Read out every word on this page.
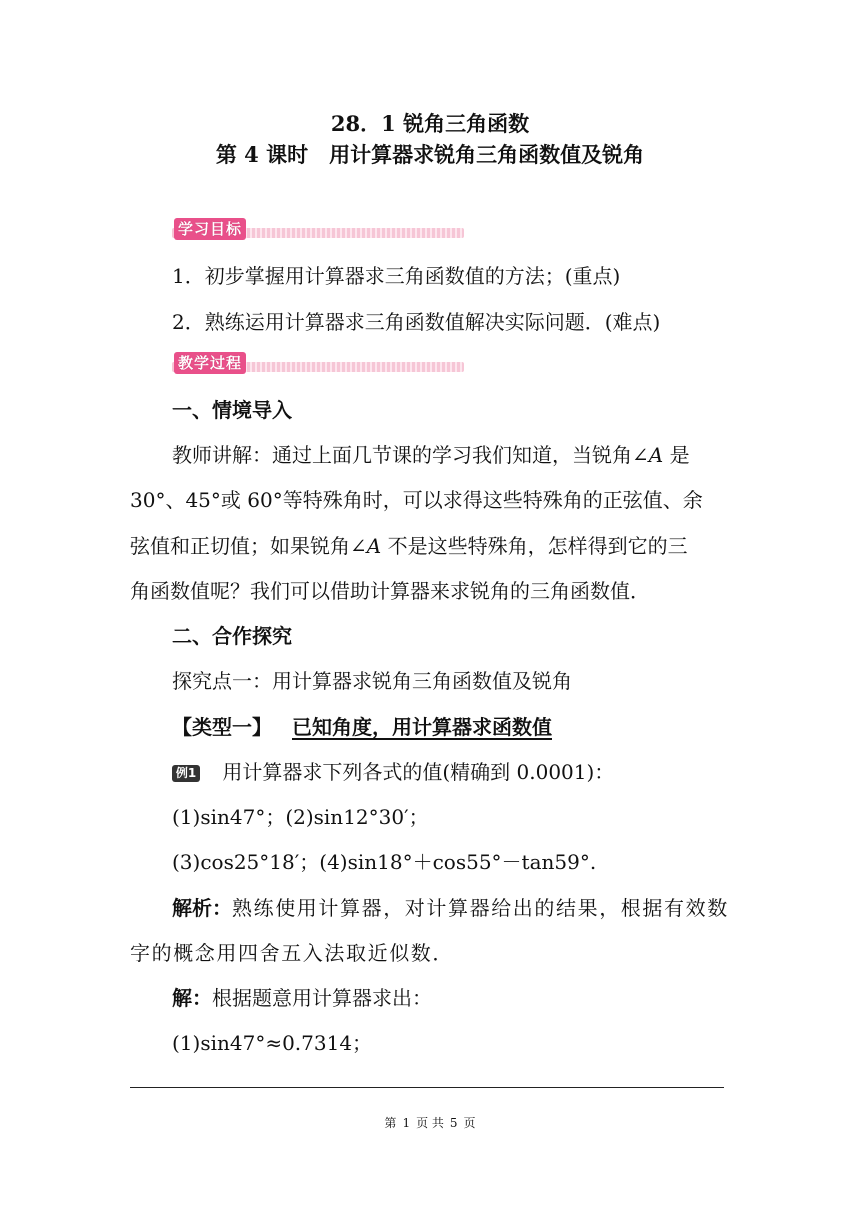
28．1 锐角三角函数
第 4 课时　用计算器求锐角三角函数值及锐角
学习目标
1．初步掌握用计算器求三角函数值的方法；(重点)
2．熟练运用计算器求三角函数值解决实际问题．(难点)
教学过程
一、情境导入
教师讲解：通过上面几节课的学习我们知道，当锐角∠A 是
30°、45°或 60°等特殊角时，可以求得这些特殊角的正弦值、余
弦值和正切值；如果锐角∠A 不是这些特殊角，怎样得到它的三
角函数值呢？我们可以借助计算器来求锐角的三角函数值．
二、合作探究
探究点一：用计算器求锐角三角函数值及锐角
【类型一】 已知角度，用计算器求函数值
例1 用计算器求下列各式的值(精确到 0.0001)：
(1)sin47°；(2)sin12°30′；
(3)cos25°18′；(4)sin18°＋cos55°－tan59°.
解析：熟练使用计算器，对计算器给出的结果，根据有效数
字的概念用四舍五入法取近似数．
解：根据题意用计算器求出：
(1)sin47°≈0.7314；
第 1 页 共 5 页
